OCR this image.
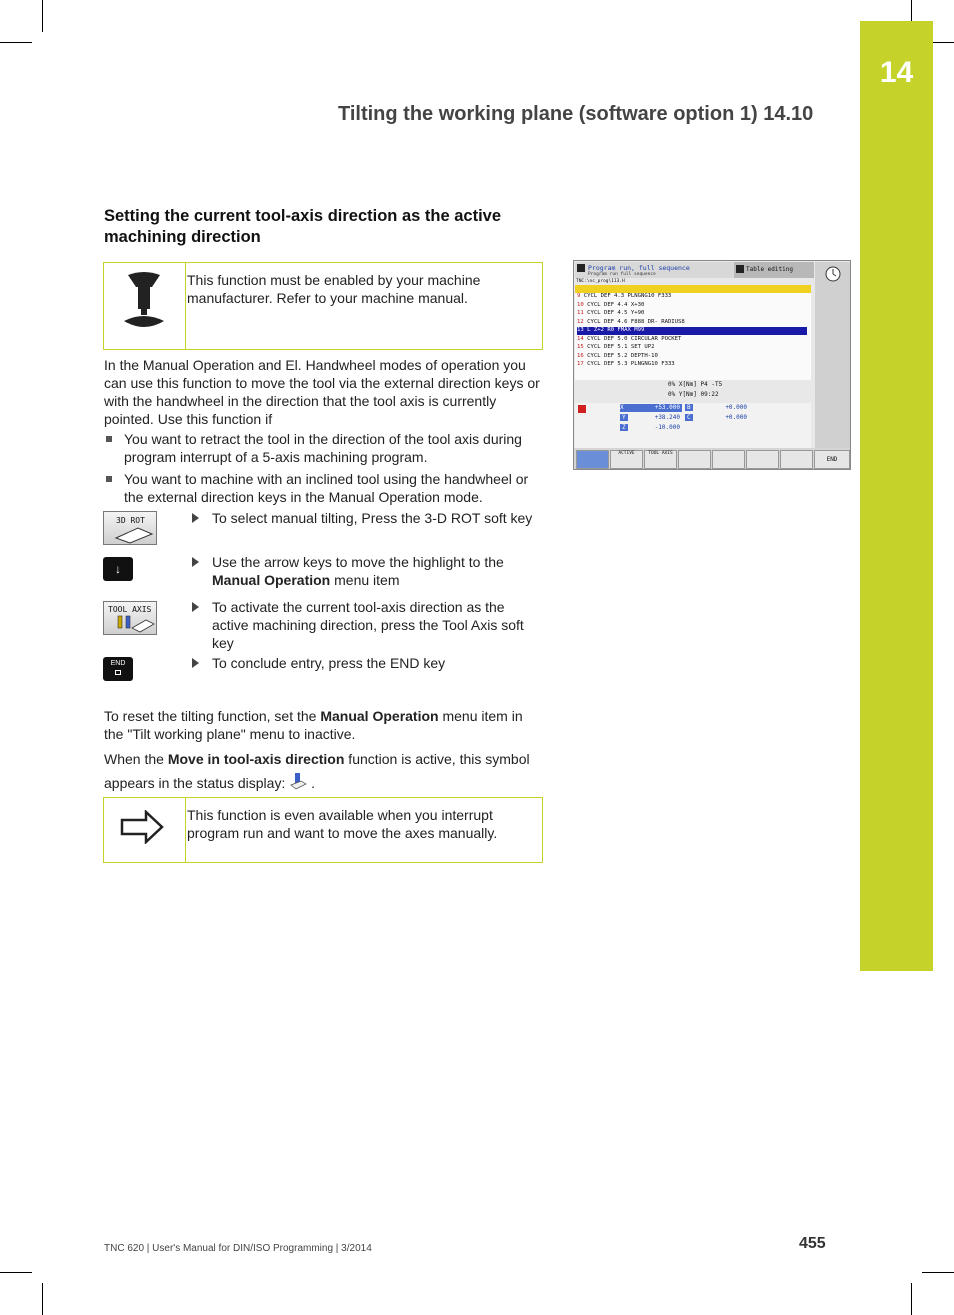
14
Tilting the working plane (software option 1) 14.10
Setting the current tool-axis direction as the active machining direction
This function must be enabled by your machine manufacturer. Refer to your machine manual.
In the Manual Operation and El. Handwheel modes of operation you can use this function to move the tool via the external direction keys or with the handwheel in the direction that the tool axis is currently pointed. Use this function if
You want to retract the tool in the direction of the tool axis during program interrupt of a 5-axis machining program.
You want to machine with an inclined tool using the handwheel or the external direction keys in the Manual Operation mode.
3D ROT	To select manual tilting, Press the 3-D ROT soft key
↓	Use the arrow keys to move the highlight to the Manual Operation menu item
TOOL AXIS	To activate the current tool-axis direction as the active machining direction, press the Tool Axis soft key
END	To conclude entry, press the END key
To reset the tilting function, set the Manual Operation menu item in the "Tilt working plane" menu to inactive.
When the Move in tool-axis direction function is active, this symbol appears in the status display:  .
This function is even available when you interrupt program run and want to move the axes manually.
Program run, full sequence
Program run full sequence
Table editing
TNC:\nc_prog\113.H
9 CYCL DEF 4.3 PLNGNG10 F333
10 CYCL DEF 4.4 X+30
11 CYCL DEF 4.5 Y+90
12 CYCL DEF 4.6 F888 DR- RADIUS8
13 L Z+2 R0 FMAX M99
14 CYCL DEF 5.0 CIRCULAR POCKET
15 CYCL DEF 5.1 SET UP2
16 CYCL DEF 5.2 DEPTH-10
17 CYCL DEF 5.3 PLNGNG10 F333
0% X[Nm] P4 -T5
0% Y[Nm] 09:22
X	+53.000	B	+0.000
Y	+38.240	C	+0.000
Z	-10.000
ACTIVE	TOOL AXIS
END
TNC 620 | User's Manual for DIN/ISO Programming | 3/2014	455
